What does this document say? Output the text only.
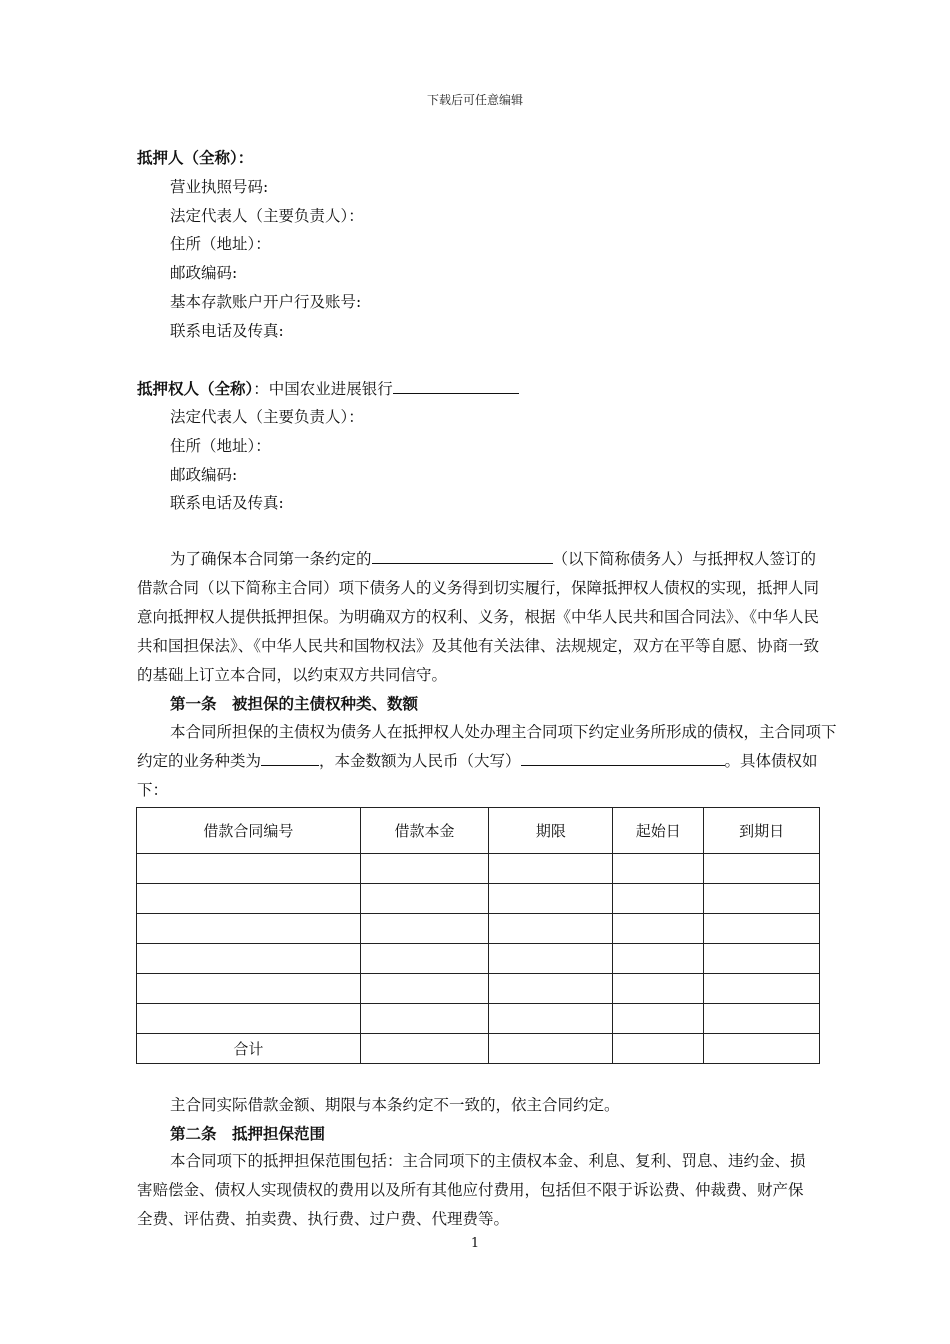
下载后可任意编辑
抵押人（全称）：
营业执照号码:
法定代表人（主要负责人）：
住所（地址）：
邮政编码:
基本存款账户开户行及账号:
联系电话及传真:
抵押权人（全称）：中国农业进展银行
法定代表人（主要负责人）：
住所（地址）：
邮政编码:
联系电话及传真:
为了确保本合同第一条约定的	（以下简称债务人）与抵押权人签订的借款合同（以下简称主合同）项下债务人的义务得到切实履行，保障抵押权人债权的实现，抵押人同意向抵押权人提供抵押担保。为明确双方的权利、义务，根据《中华人民共和国合同法》、《中华人民共和国担保法》、《中华人民共和国物权法》及其他有关法律、法规规定，双方在平等自愿、协商一致的基础上订立本合同，以约束双方共同信守。
第一条　被担保的主债权种类、数额
本合同所担保的主债权为债务人在抵押权人处办理主合同项下约定业务所形成的债权，主合同项下约定的业务种类为	，本金数额为人民币（大写）	。具体债权如下：
借款合同编号	借款本金	期限	起始日	到期日

合计				
主合同实际借款金额、期限与本条约定不一致的，依主合同约定。
第二条　抵押担保范围
本合同项下的抵押担保范围包括：主合同项下的主债权本金、利息、复利、罚息、违约金、损害赔偿金、债权人实现债权的费用以及所有其他应付费用，包括但不限于诉讼费、仲裁费、财产保全费、评估费、拍卖费、执行费、过户费、代理费等。
1
